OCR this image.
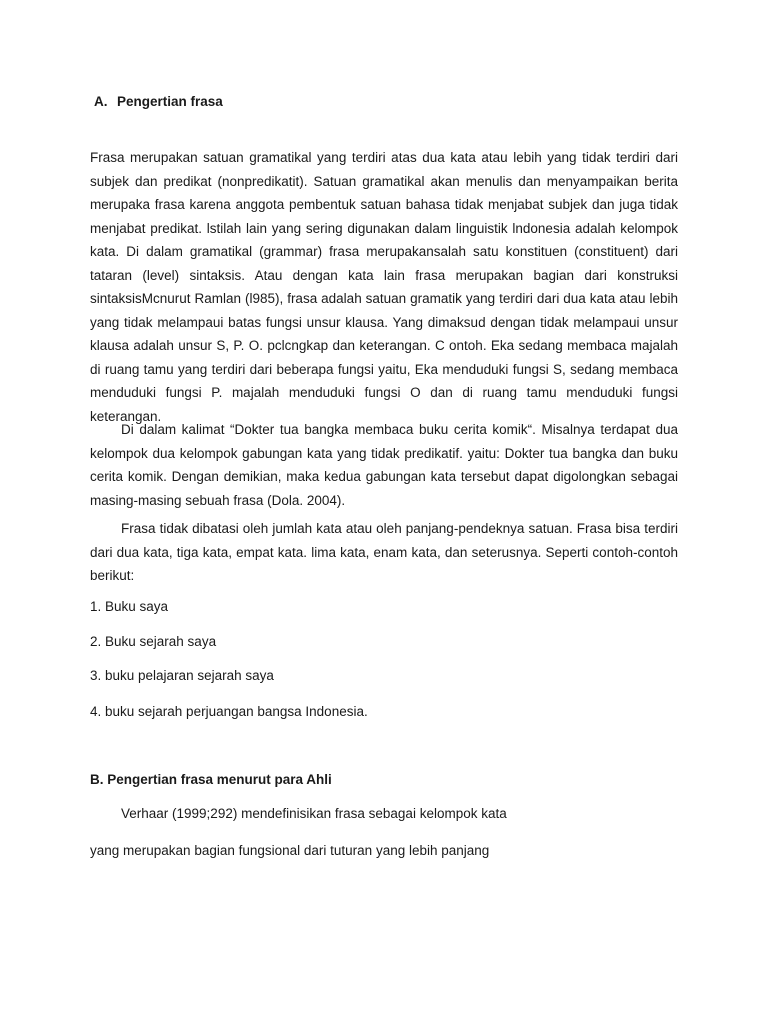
A. Pengertian frasa

Frasa merupakan satuan gramatikal yang terdiri atas dua kata atau lebih yang tidak terdiri dari subjek dan predikat (nonpredikatit). Satuan gramatikal akan menulis dan menyampaikan berita merupaka frasa karena anggota pembentuk satuan bahasa tidak menjabat subjek dan juga tidak menjabat predikat. lstilah lain yang sering digunakan dalam linguistik lndonesia adalah kelompok kata. Di dalam gramatikal (grammar) frasa merupakansalah satu konstituen (constituent) dari tataran (level) sintaksis. Atau dengan kata lain frasa merupakan bagian dari konstruksi sintaksisMcnurut Ramlan (l985), frasa adalah satuan gramatik yang terdiri dari dua kata atau lebih yang tidak melampaui batas fungsi unsur klausa. Yang dimaksud dengan tidak melampaui unsur klausa adalah unsur S, P. O. pclcngkap dan keterangan. C ontoh. Eka sedang membaca majalah di ruang tamu yang terdiri dari beberapa fungsi yaitu, Eka menduduki fungsi S, sedang membaca menduduki fungsi P. majalah menduduki fungsi O dan di ruang tamu menduduki fungsi keterangan.

Di dalam kalimat “Dokter tua bangka membaca buku cerita komik“. Misalnya terdapat dua kelompok dua kelompok gabungan kata yang tidak predikatif. yaitu: Dokter tua bangka dan buku cerita komik. Dengan demikian, maka kedua gabungan kata tersebut dapat digolongkan sebagai masing-masing sebuah frasa (Dola. 2004).

Frasa tidak dibatasi oleh jumlah kata atau oleh panjang-pendeknya satuan. Frasa bisa terdiri dari dua kata, tiga kata, empat kata. lima kata, enam kata, dan seterusnya. Seperti contoh-contoh berikut:

1. Buku saya
2. Buku sejarah saya
3. buku pelajaran sejarah saya
4. buku sejarah perjuangan bangsa Indonesia.
B. Pengertian frasa menurut para Ahli
Verhaar (1999;292) mendefinisikan frasa sebagai kelompok kata
yang merupakan bagian fungsional dari tuturan yang lebih panjang
